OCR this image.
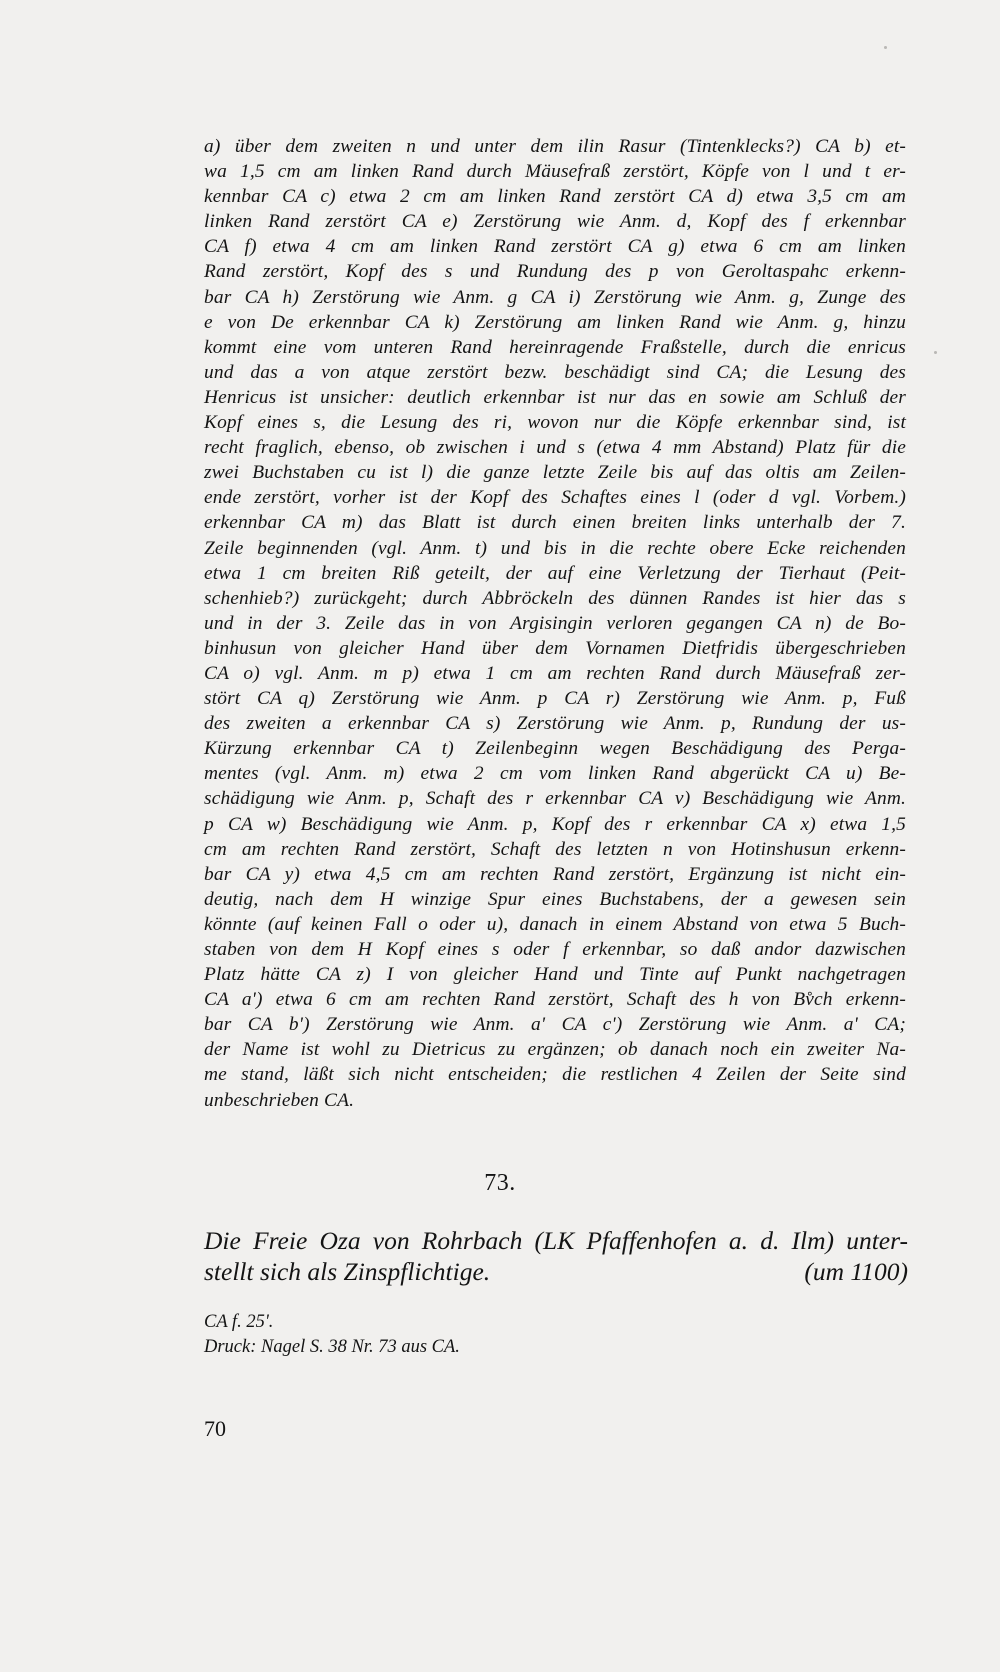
a) über dem zweiten n und unter dem ilin Rasur (Tintenkleckѕ?) CA b) et-
wa 1,5 cm am linken Rand durch Mäusefraß zerstört, Köpfe von l und t er-
kennbar CA c) etwa 2 cm am linken Rand zerstört CA d) etwa 3,5 cm am
linken Rand zerstört CA e) Zerstörung wie Anm. d, Kopf des f erkennbar
CA f) etwa 4 cm am linken Rand zerstört CA g) etwa 6 cm am linken
Rand zerstört, Kopf des s und Rundung des p von Geroltaspahc erkenn-
bar CA h) Zerstörung wie Anm. g CA i) Zerstörung wie Anm. g, Zunge des
e von De erkennbar CA k) Zerstörung am linken Rand wie Anm. g, hinzu
kommt eine vom unteren Rand hereinragende Fraßstelle, durch die enricus
und das a von atque zerstört bezw. beschädigt sind CA; die Lesung des
Henricus ist unsicher: deutlich erkennbar ist nur das en sowie am Schluß der
Kopf eines s, die Lesung des ri, wovon nur die Köpfe erkennbar sind, ist
recht fraglich, ebenso, ob zwischen i und s (etwa 4 mm Abstand) Platz für die
zwei Buchstaben cu ist l) die ganze letzte Zeile bis auf das oltis am Zeilen-
ende zerstört, vorher ist der Kopf des Schaftes eines l (oder d vgl. Vorbem.)
erkennbar CA m) das Blatt ist durch einen breiten links unterhalb der 7.
Zeile beginnenden (vgl. Anm. t) und bis in die rechte obere Ecke reichenden
etwa 1 cm breiten Riß geteilt, der auf eine Verletzung der Tierhaut (Peit-
schenhieb?) zurückgeht; durch Abbröckeln des dünnen Randes ist hier das s
und in der 3. Zeile das in von Argisingin verloren gegangen CA n) de Bo-
binhusun von gleicher Hand über dem Vornamen Dietfridis übergeschrieben
CA o) vgl. Anm. m p) etwa 1 cm am rechten Rand durch Mäusefraß zer-
stört CA q) Zerstörung wie Anm. p CA r) Zerstörung wie Anm. p, Fuß
des zweiten a erkennbar CA s) Zerstörung wie Anm. p, Rundung der us-
Kürzung erkennbar CA t) Zeilenbeginn wegen Beschädigung des Perga-
mentes (vgl. Anm. m) etwa 2 cm vom linken Rand abgerückt CA u) Be-
schädigung wie Anm. p, Schaft des r erkennbar CA v) Beschädigung wie Anm.
p CA w) Beschädigung wie Anm. p, Kopf des r erkennbar CA x) etwa 1,5
cm am rechten Rand zerstört, Schaft des letzten n von Hotinshusun erkenn-
bar CA y) etwa 4,5 cm am rechten Rand zerstört, Ergänzung ist nicht ein-
deutig, nach dem H winzige Spur eines Buchstabens, der a gewesen sein
könnte (auf keinen Fall o oder u), danach in einem Abstand von etwa 5 Buch-
staben von dem H Kopf eines s oder f erkennbar, so daß andor dazwischen
Platz hätte CA z) I von gleicher Hand und Tinte auf Punkt nachgetragen
CA a') etwa 6 cm am rechten Rand zerstört, Schaft des h von Bv̊ch erkenn-
bar CA b') Zerstörung wie Anm. a' CA c') Zerstörung wie Anm. a' CA;
der Name ist wohl zu Dietricus zu ergänzen; ob danach noch ein zweiter Na-
me stand, läßt sich nicht entscheiden; die restlichen 4 Zeilen der Seite sind
unbeschrieben CA.
73.
Die Freie Oza von Rohrbach (LK Pfaffenhofen a. d. Ilm) unter-
stellt sich als Zinspflichtige.	(um 1100)
CA f. 25'.
Druck: Nagel S. 38 Nr. 73 aus CA.
70
